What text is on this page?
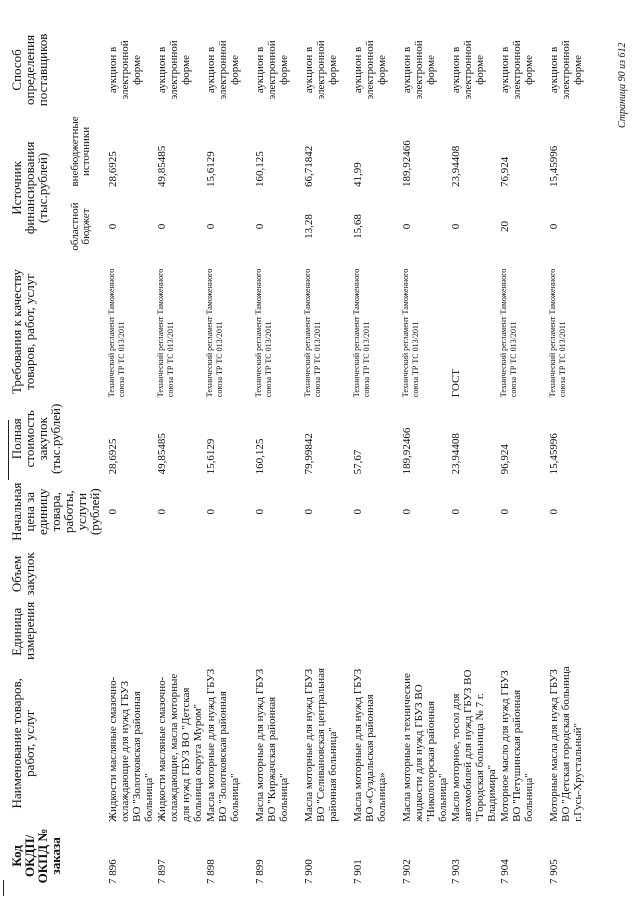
Код ОКДП/ ОКПД № заказа	Наименование товаров, работ, услуг	Единица измерения	Объем закупок	Начальная цена за единицу товара, работы, услуги (рублей)	Полная стоимость закупок (тыс.рублей)	Требования к качеству товаров, работ, услуг	Источник финансирования (тыс.рублей)		Способ определения поставщиков
							областной бюджет	внебюджетные источники	
7 896	Жидкости масляные смазочно-охлаждающие для нужд ГБУЗ ВО "Золотковская районная больница"			0	28,6925	Технический регламент Таможенного союза ТР ТС 013/2011	0	28,6925	аукцион в электронной форме
7 897	Жидкости масляные смазочно-охлаждающие, масла моторные для нужд ГБУЗ ВО "Детская больница округа Муром"			0	49,85485	Технический регламент Таможенного союза ТР ТС 013/2011	0	49,85485	аукцион в электронной форме
7 898	Масла моторные для нужд ГБУЗ ВО "Золотковская районная больница"			0	15,6129	Технический регламент Таможенного союза ТР ТС 013/2011	0	15,6129	аукцион в электронной форме
7 899	Масла моторные для нужд ГБУЗ ВО "Киржачская районная больница"			0	160,125	Технический регламент Таможенного союза ТР ТС 013/2011	0	160,125	аукцион в электронной форме
7 900	Масла моторные для нужд ГБУЗ ВО "Селивановская центральная районная больница"			0	79,99842	Технический регламент Таможенного союза ТР ТС 013/2011	13,28	66,71842	аукцион в электронной форме
7 901	Масла моторные для нужд ГБУЗ ВО «Суздальская районная больница»			0	57,67	Технический регламент Таможенного союза ТР ТС 013/2011	15,68	41,99	аукцион в электронной форме
7 902	Масла моторные и технические жидкости для нужд ГБУЗ ВО "Никологорская районная больница"			0	189,92466	Технический регламент Таможенного союза ТР ТС 013/2011	0	189,92466	аукцион в электронной форме
7 903	Масло моторное, тосол для автомобилей для нужд ГБУЗ ВО "Городская больница № 7 г. Владимира"			0	23,94408	ГОСТ	0	23,94408	аукцион в электронной форме
7 904	Моторное масло для нужд ГБУЗ ВО "Петушинская районная больница"			0	96,924	Технический регламент Таможенного союза ТР ТС 013/2011	20	76,924	аукцион в электронной форме
7 905	Моторные масла для нужд ГБУЗ ВО "Детская городская больница г.Гусь-Хрустальный"			0	15,45996	Технический регламент Таможенного союза ТР ТС 013/2011	0	15,45996	аукцион в электронной форме	Страница 90 из 612
